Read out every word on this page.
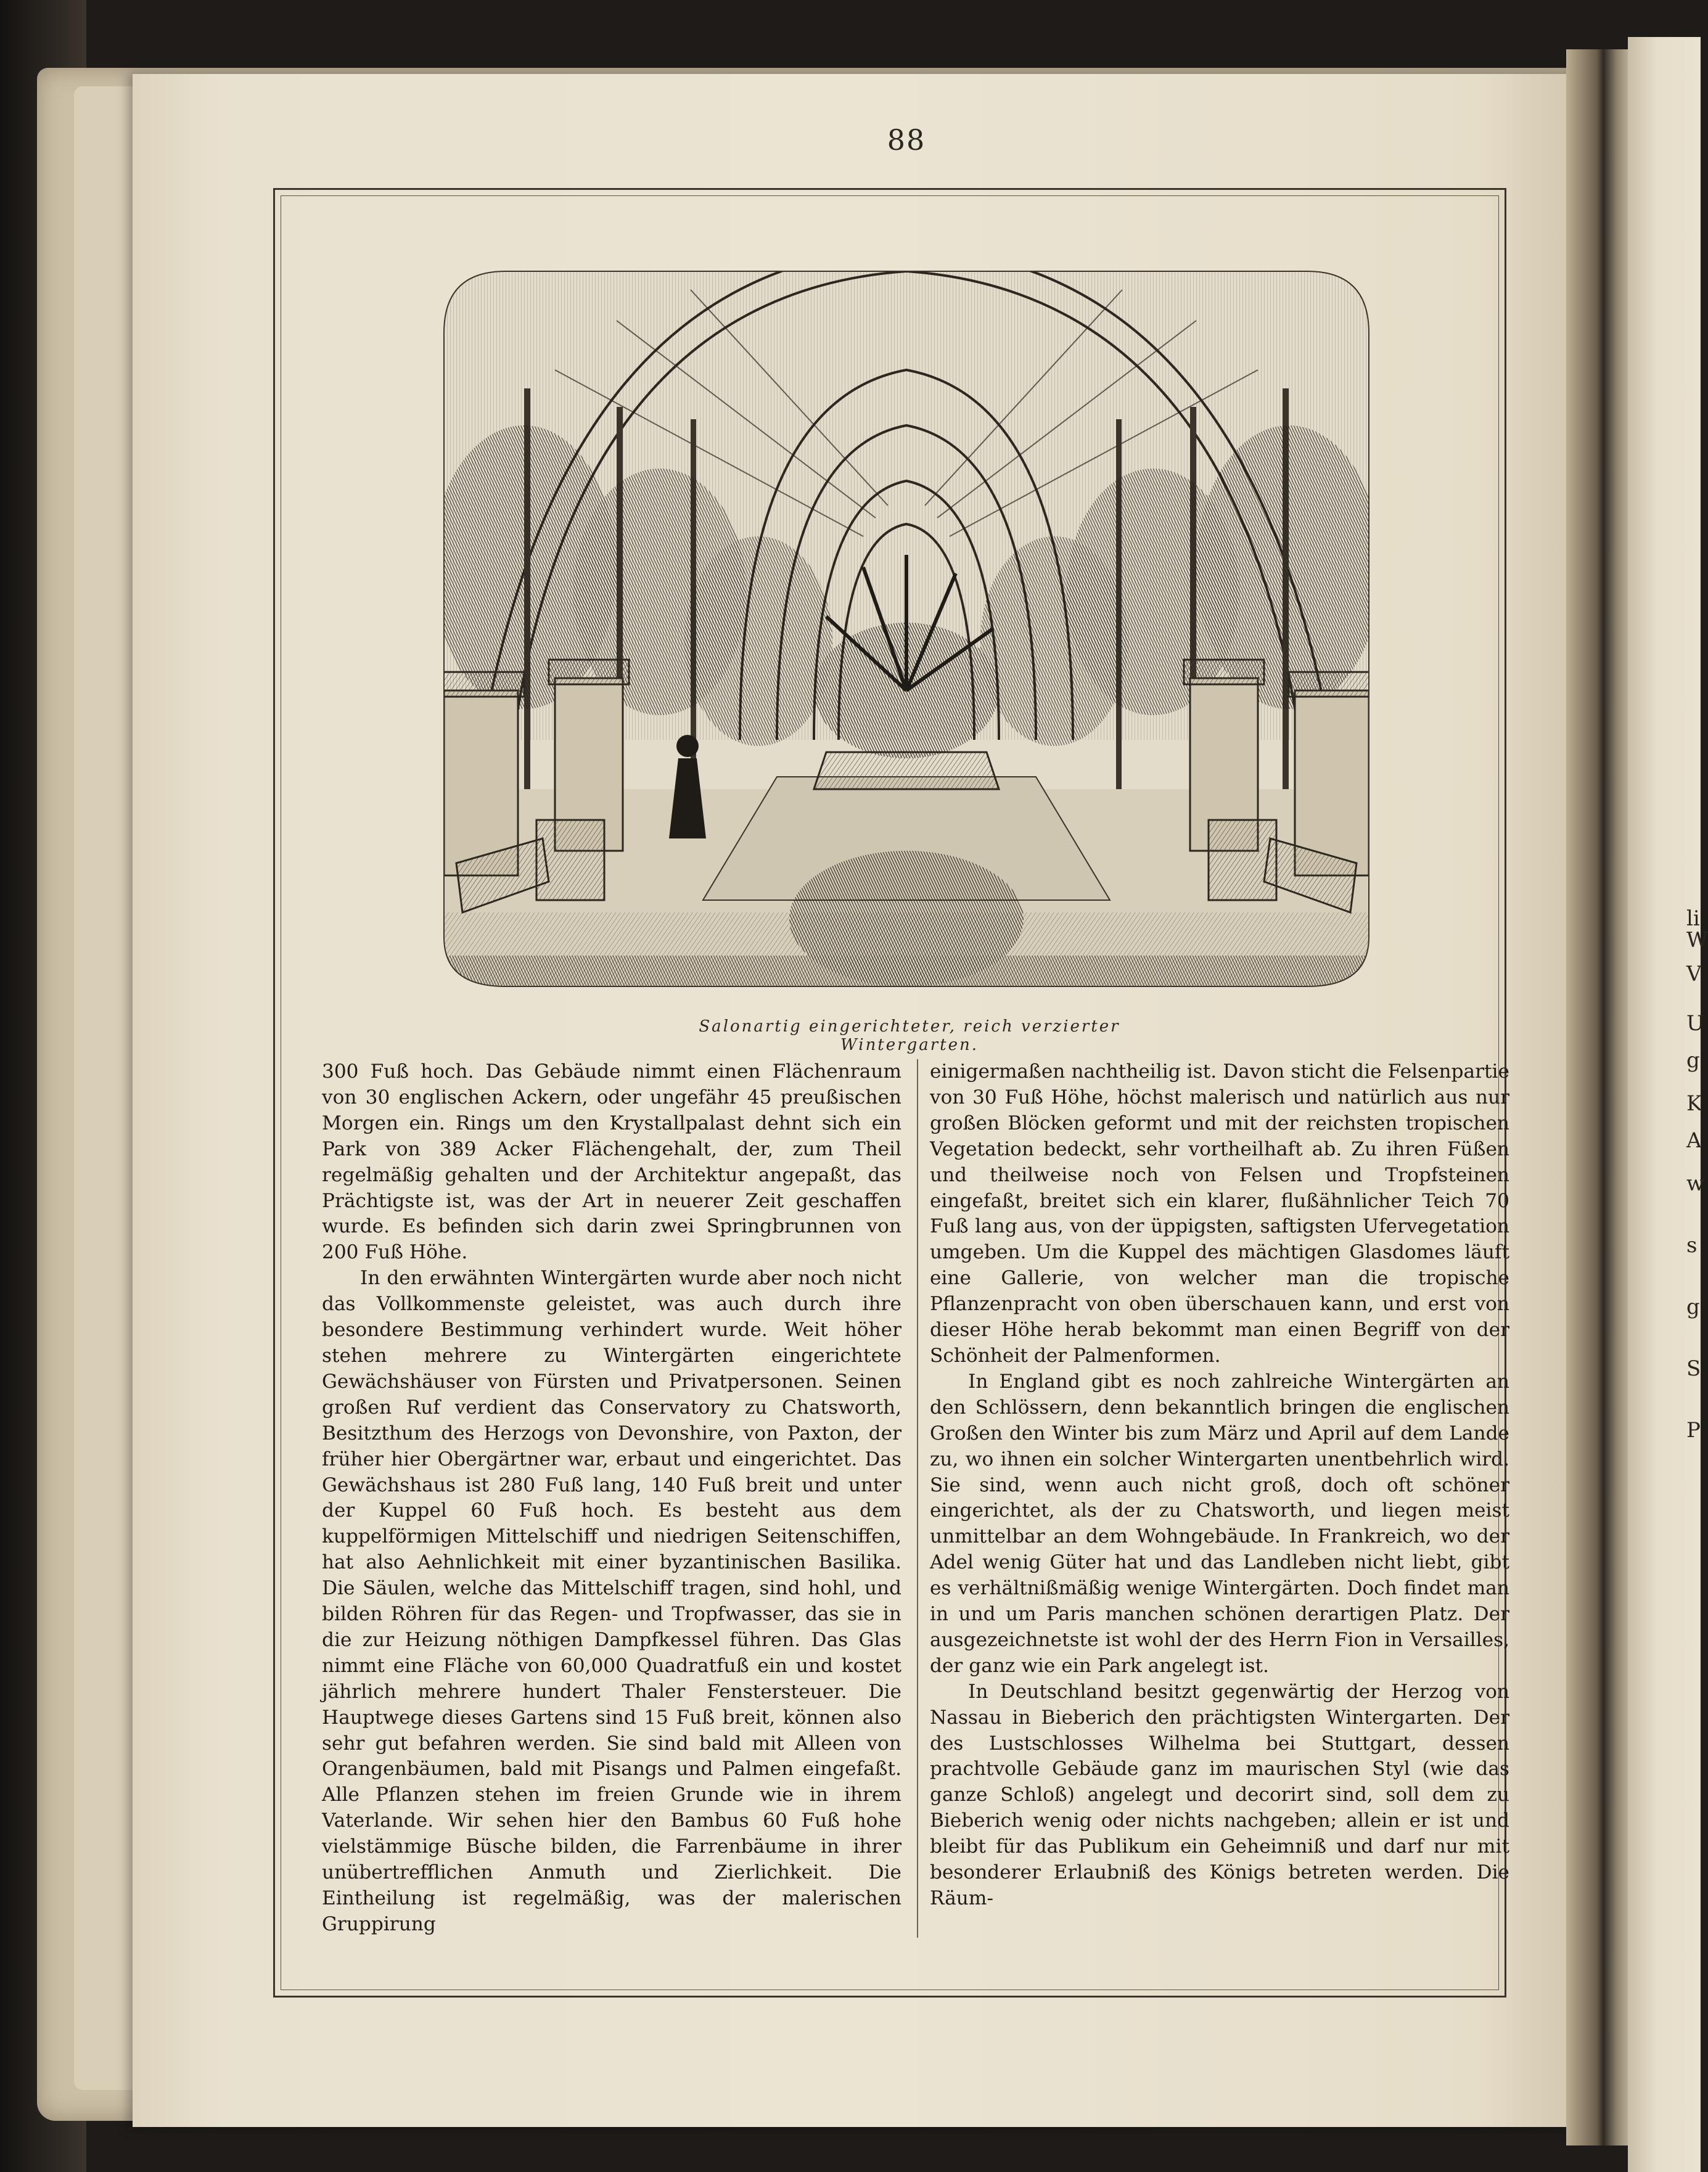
li
W
V
U
g
K
A
w
s
g
S
P
88
Salonartig eingerichteter, reich verzierter Wintergarten.

300 Fuß hoch. Das Gebäude nimmt einen Flächenraum von 30 englischen Ackern, oder ungefähr 45 preußischen Morgen ein. Rings um den Krystallpalast dehnt sich ein Park von 389 Acker Flächengehalt, der, zum Theil regelmäßig gehalten und der Architektur angepaßt, das Prächtigste ist, was der Art in neuerer Zeit geschaffen wurde. Es befinden sich darin zwei Springbrunnen von 200 Fuß Höhe.

In den erwähnten Wintergärten wurde aber noch nicht das Vollkommenste geleistet, was auch durch ihre besondere Bestimmung verhindert wurde. Weit höher stehen mehrere zu Wintergärten eingerichtete Gewächshäuser von Fürsten und Privatpersonen. Seinen großen Ruf verdient das Conservatory zu Chatsworth, Besitzthum des Herzogs von Devonshire, von Paxton, der früher hier Obergärtner war, erbaut und eingerichtet. Das Gewächshaus ist 280 Fuß lang, 140 Fuß breit und unter der Kuppel 60 Fuß hoch. Es besteht aus dem kuppelförmigen Mittelschiff und niedrigen Seitenschiffen, hat also Aehnlichkeit mit einer byzantinischen Basilika. Die Säulen, welche das Mittelschiff tragen, sind hohl, und bilden Röhren für das Regen- und Tropfwasser, das sie in die zur Heizung nöthigen Dampfkessel führen. Das Glas nimmt eine Fläche von 60,000 Quadratfuß ein und kostet jährlich mehrere hundert Thaler Fenstersteuer. Die Hauptwege dieses Gartens sind 15 Fuß breit, können also sehr gut befahren werden. Sie sind bald mit Alleen von Orangenbäumen, bald mit Pisangs und Palmen eingefaßt. Alle Pflanzen stehen im freien Grunde wie in ihrem Vaterlande. Wir sehen hier den Bambus 60 Fuß hohe vielstämmige Büsche bilden, die Farrenbäume in ihrer unübertrefflichen Anmuth und Zierlichkeit. Die Eintheilung ist regelmäßig, was der malerischen Gruppirung

einigermaßen nachtheilig ist. Davon sticht die Felsenpartie von 30 Fuß Höhe, höchst malerisch und natürlich aus nur großen Blöcken geformt und mit der reichsten tropischen Vegetation bedeckt, sehr vortheilhaft ab. Zu ihren Füßen und theilweise noch von Felsen und Tropfsteinen eingefaßt, breitet sich ein klarer, flußähnlicher Teich 70 Fuß lang aus, von der üppigsten, saftigsten Ufervegetation umgeben. Um die Kuppel des mächtigen Glasdomes läuft eine Gallerie, von welcher man die tropische Pflanzenpracht von oben überschauen kann, und erst von dieser Höhe herab bekommt man einen Begriff von der Schönheit der Palmenformen.

In England gibt es noch zahlreiche Wintergärten an den Schlössern, denn bekanntlich bringen die englischen Großen den Winter bis zum März und April auf dem Lande zu, wo ihnen ein solcher Wintergarten unentbehrlich wird. Sie sind, wenn auch nicht groß, doch oft schöner eingerichtet, als der zu Chatsworth, und liegen meist unmittelbar an dem Wohngebäude. In Frankreich, wo der Adel wenig Güter hat und das Landleben nicht liebt, gibt es verhältnißmäßig wenige Wintergärten. Doch findet man in und um Paris manchen schönen derartigen Platz. Der ausgezeichnetste ist wohl der des Herrn Fion in Versailles, der ganz wie ein Park angelegt ist.

In Deutschland besitzt gegenwärtig der Herzog von Nassau in Bieberich den prächtigsten Wintergarten. Der des Lustschlosses Wilhelma bei Stuttgart, dessen prachtvolle Gebäude ganz im maurischen Styl (wie das ganze Schloß) angelegt und decorirt sind, soll dem zu Bieberich wenig oder nichts nachgeben; allein er ist und bleibt für das Publikum ein Geheimniß und darf nur mit besonderer Erlaubniß des Königs betreten werden. Die Räum-
